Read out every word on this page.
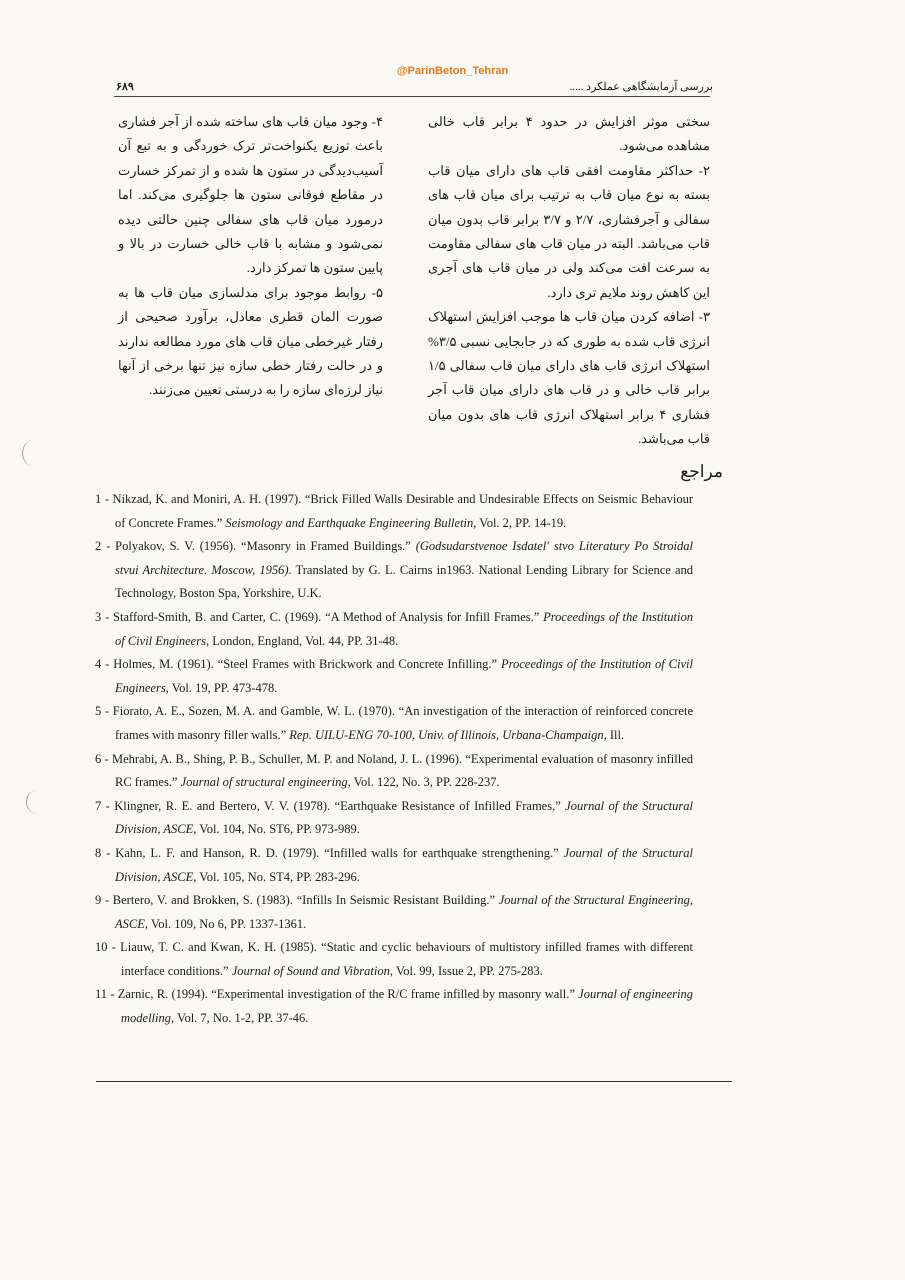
۶۸۹
@ParinBeton_Tehran
بررسی آزمایشگاهی عملکرد .....

سختی موثر افزایش در حدود ۴ برابر قاب خالی مشاهده می‌شود.

۲- حداکثر مقاومت افقی قاب های دارای میان قاب بسته به نوع میان قاب به ترتیب برای میان قاب های سفالی و آجرفشاری، ۲/۷ و ۳/۷ برابر قاب بدون میان قاب می‌باشد. البته در میان قاب های سفالی مقاومت به سرعت افت می‌کند ولی در میان قاب های آجری این کاهش روند ملایم تری دارد.

۳- اضافه کردن میان قاب ها موجب افزایش استهلاک انرژی قاب شده به طوری که در جابجایی نسبی ۳/۵% استهلاک انرژی قاب های دارای میان قاب سفالی ۱/۵ برابر قاب خالی و در قاب های دارای میان قاب آجر فشاری ۴ برابر استهلاک انرژی قاب های بدون میان قاب می‌باشد.

۴- وجود میان قاب های ساخته شده از آجر فشاری باعث توزیع یکنواخت‌تر ترک خوردگی و به تبع آن آسیب‌دیدگی در ستون ها شده و از تمرکز خسارت در مقاطع فوقانی ستون ها جلوگیری می‌کند. اما درمورد میان قاب های سفالی چنین حالتی دیده نمی‌شود و مشابه با قاب خالی خسارت در بالا و پایین ستون ها تمرکز دارد.

۵- روابط موجود برای مدلسازی میان قاب ها به صورت المان قطری معادل، برآورد صحیحی از رفتار غیرخطی میان قاب های مورد مطالعه ندارند و در حالت رفتار خطی سازه نیز تنها برخی از آنها نیاز لرزه‌ای سازه را به درستی تعیین می‌زنند.

مراجع
1 - Nikzad, K. and Moniri, A. H. (1997). “Brick Filled Walls Desirable and Undesirable Effects on Seismic Behaviour of Concrete Frames.” Seismology and Earthquake Engineering Bulletin, Vol. 2, PP. 14-19.
2 - Polyakov, S. V. (1956). “Masonry in Framed Buildings.” (Godsudarstvenoe Isdatel' stvo Literatury Po Stroidal stvui Architecture. Moscow, 1956). Translated by G. L. Cairns in1963. National Lending Library for Science and Technology, Boston Spa, Yorkshire, U.K.
3 - Stafford-Smith, B. and Carter, C. (1969). “A Method of Analysis for Infill Frames.” Proceedings of the Institution of Civil Engineers, London, England, Vol. 44, PP. 31-48.
4 - Holmes, M. (1961). “Steel Frames with Brickwork and Concrete Infilling.” Proceedings of the Institution of Civil Engineers, Vol. 19, PP. 473-478.
5 - Fiorato, A. E., Sozen, M. A. and Gamble, W. L. (1970). “An investigation of the interaction of reinforced concrete frames with masonry filler walls.” Rep. UILU-ENG 70-100, Univ. of Illinois, Urbana-Champaign, Ill.
6 - Mehrabi, A. B., Shing, P. B., Schuller, M. P. and Noland, J. L. (1996). “Experimental evaluation of masonry infilled RC frames.” Journal of structural engineering, Vol. 122, No. 3, PP. 228-237.
7 - Klingner, R. E. and Bertero, V. V. (1978). “Earthquake Resistance of Infilled Frames,” Journal of the Structural Division, ASCE, Vol. 104, No. ST6, PP. 973-989.
8 - Kahn, L. F. and Hanson, R. D. (1979). “Infilled walls for earthquake strengthening.” Journal of the Structural Division, ASCE, Vol. 105, No. ST4, PP. 283-296.
9 - Bertero, V. and Brokken, S. (1983). “Infills In Seismic Resistant Building.” Journal of the Structural Engineering, ASCE, Vol. 109, No 6, PP. 1337-1361.
10 - Liauw, T. C. and Kwan, K. H. (1985). “Static and cyclic behaviours of multistory infilled frames with different interface conditions.” Journal of Sound and Vibration, Vol. 99, Issue 2, PP. 275-283.
11 - Zarnic, R. (1994). “Experimental investigation of the R/C frame infilled by masonry wall.” Journal of engineering modelling, Vol. 7, No. 1-2, PP. 37-46.
